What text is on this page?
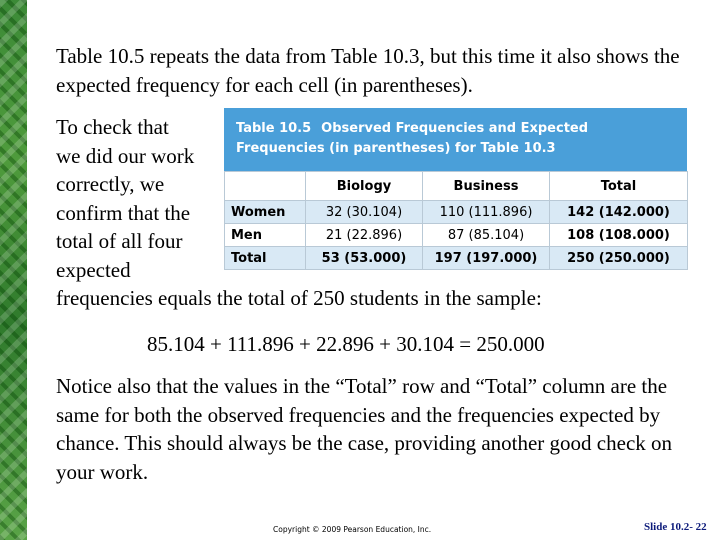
Table 10.5 repeats the data from Table 10.3, but this time it also shows the expected frequency for each cell (in parentheses).
To check that
we did our work
correctly, we
confirm that the
total of all four
expected
frequencies equals the total of 250 students in the sample:
Table 10.5 Observed Frequencies and Expected Frequencies (in parentheses) for Table 10.3
	Biology	Business	Total
Women	32 (30.104)	110 (111.896)	142 (142.000)
Men	21 (22.896)	87 (85.104)	108 (108.000)
Total	53 (53.000)	197 (197.000)	250 (250.000)
85.104 + 111.896 + 22.896 + 30.104 = 250.000
Notice also that the values in the “Total” row and “Total” column are the same for both the observed frequencies and the frequencies expected by chance. This should always be the case, providing another good check on your work.
Copyright © 2009 Pearson Education, Inc.	Slide 10.2- 22
